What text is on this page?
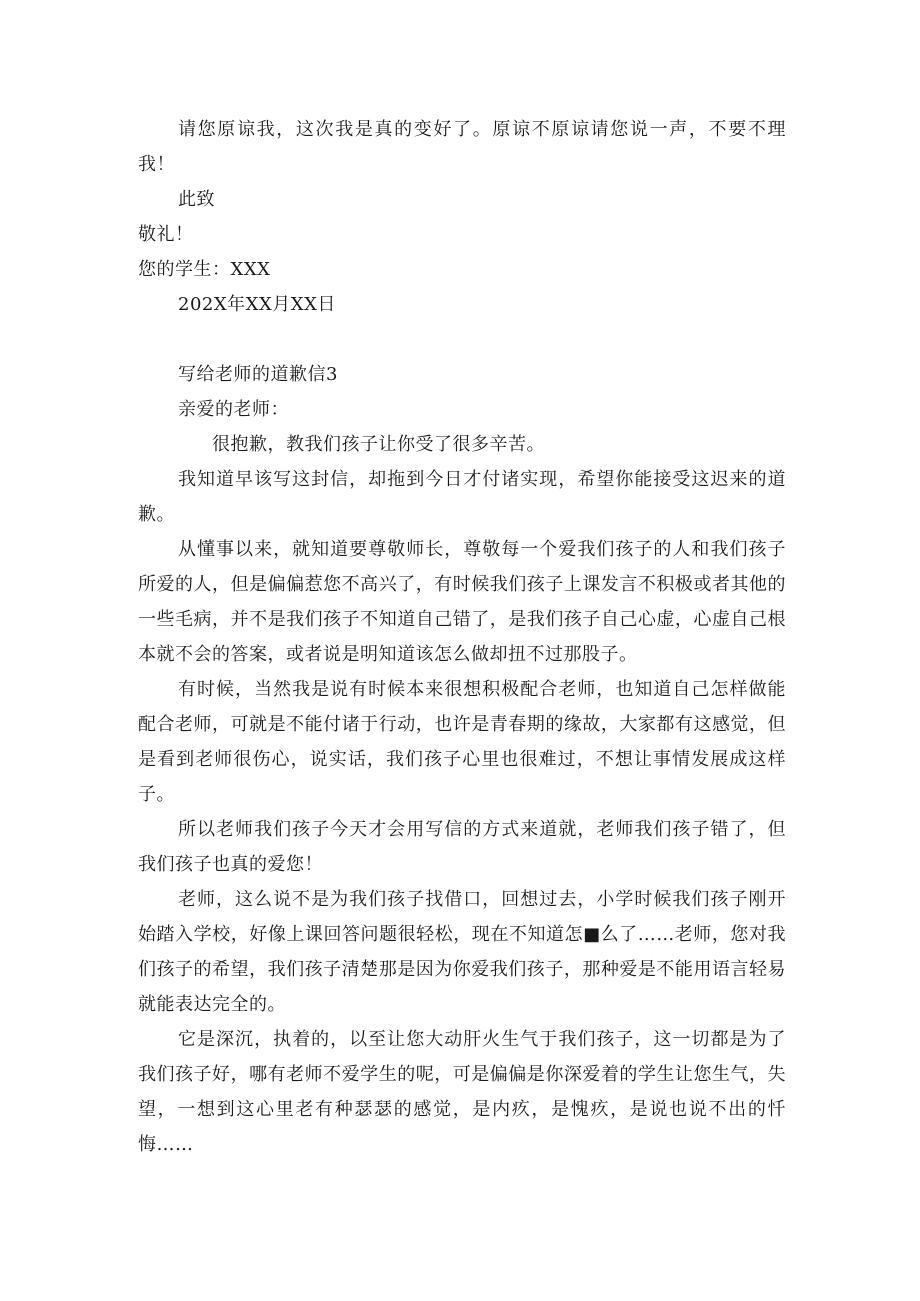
请您原谅我，这次我是真的变好了。原谅不原谅请您说一声，不要不理我！

此致

敬礼！

您的学生：XXX

202X年XX月XX日

写给老师的道歉信3

亲爱的老师：

很抱歉，教我们孩子让你受了很多辛苦。

我知道早该写这封信，却拖到今日才付诸实现，希望你能接受这迟来的道歉。

从懂事以来，就知道要尊敬师长，尊敬每一个爱我们孩子的人和我们孩子所爱的人，但是偏偏惹您不高兴了，有时候我们孩子上课发言不积极或者其他的一些毛病，并不是我们孩子不知道自己错了，是我们孩子自己心虚，心虚自己根本就不会的答案，或者说是明知道该怎么做却扭不过那股子。

有时候，当然我是说有时候本来很想积极配合老师，也知道自己怎样做能配合老师，可就是不能付诸于行动，也许是青春期的缘故，大家都有这感觉，但是看到老师很伤心，说实话，我们孩子心里也很难过，不想让事情发展成这样子。

所以老师我们孩子今天才会用写信的方式来道就，老师我们孩子错了，但我们孩子也真的爱您！

老师，这么说不是为我们孩子找借口，回想过去，小学时候我们孩子刚开始踏入学校，好像上课回答问题很轻松，现在不知道怎■么了……老师，您对我们孩子的希望，我们孩子清楚那是因为你爱我们孩子，那种爱是不能用语言轻易就能表达完全的。

它是深沉，执着的，以至让您大动肝火生气于我们孩子，这一切都是为了我们孩子好，哪有老师不爱学生的呢，可是偏偏是你深爱着的学生让您生气，失望，一想到这心里老有种瑟瑟的感觉，是内疚，是愧疚，是说也说不出的忏悔……
